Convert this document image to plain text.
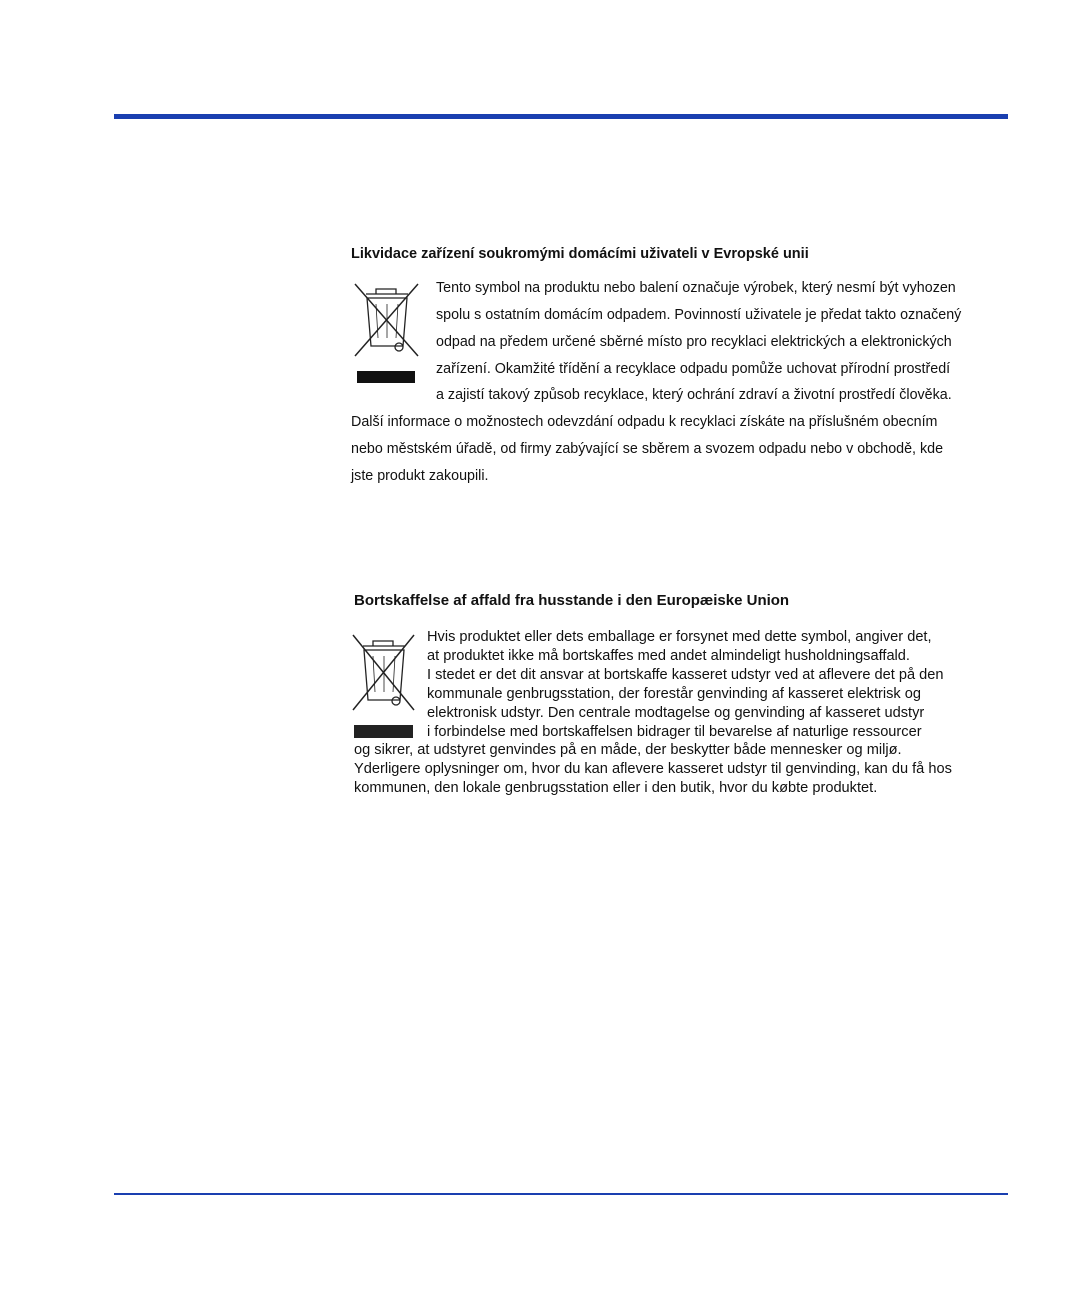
Likvidace zařízení soukromými domácími uživateli v Evropské unii
Tento symbol na produktu nebo balení označuje výrobek, který nesmí být vyhozen
spolu s ostatním domácím odpadem. Povinností uživatele je předat takto označený
odpad na předem určené sběrné místo pro recyklaci elektrických a elektronických
zařízení. Okamžité třídění a recyklace odpadu pomůže uchovat přírodní prostředí
a zajistí takový způsob recyklace, který ochrání zdraví a životní prostředí člověka.
Další informace o možnostech odevzdání odpadu k recyklaci získáte na příslušném obecním
nebo městském úřadě, od firmy zabývající se sběrem a svozem odpadu nebo v obchodě, kde
jste produkt zakoupili.
Bortskaffelse af affald fra husstande i den Europæiske Union
Hvis produktet eller dets emballage er forsynet med dette symbol, angiver det,
at produktet ikke må bortskaffes med andet almindeligt husholdningsaffald.
I stedet er det dit ansvar at bortskaffe kasseret udstyr ved at aflevere det på den
kommunale genbrugsstation, der forestår genvinding af kasseret elektrisk og
elektronisk udstyr. Den centrale modtagelse og genvinding af kasseret udstyr
i forbindelse med bortskaffelsen bidrager til bevarelse af naturlige ressourcer
og sikrer, at udstyret genvindes på en måde, der beskytter både mennesker og miljø.
Yderligere oplysninger om, hvor du kan aflevere kasseret udstyr til genvinding, kan du få hos
kommunen, den lokale genbrugsstation eller i den butik, hvor du købte produktet.
